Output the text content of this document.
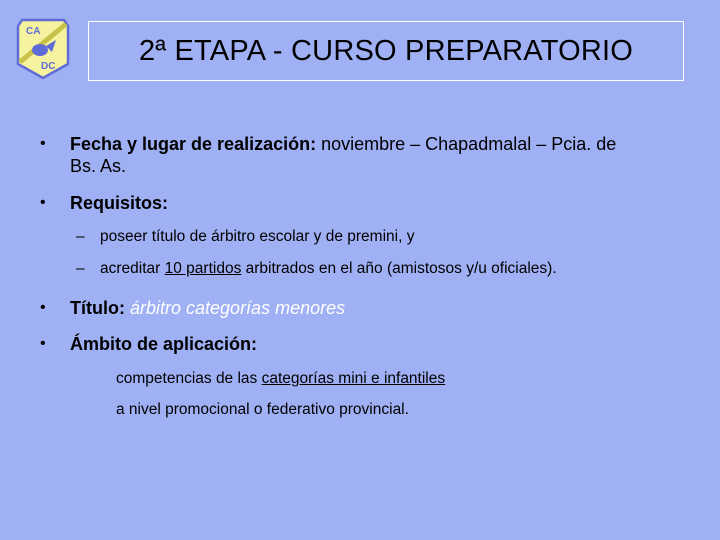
CA
DC	2ª ETAPA - CURSO PREPARATORIO
• Fecha y lugar de realización: noviembre – Chapadmalal – Pcia. de
Bs. As.
• Requisitos:
– poseer título de árbitro escolar y de premini, y
– acreditar 10 partidos arbitrados en el año (amistosos y/u oficiales).
• Título: árbitro categorías menores
• Ámbito de aplicación:
competencias de las categorías mini e infantiles
a nivel promocional o federativo provincial.
